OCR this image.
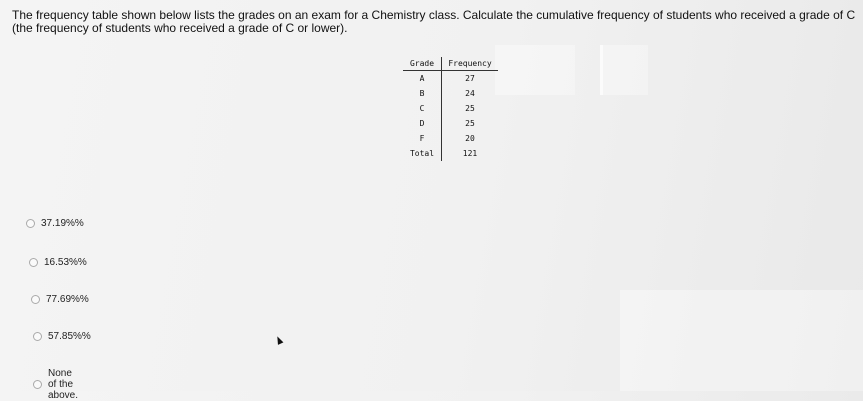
The frequency table shown below lists the grades on an exam for a Chemistry class. Calculate the cumulative frequency of students who received a grade of C (the frequency of students who received a grade of C or lower).
Grade	Frequency
A	27
B	24
C	25
D	25
F	20
Total	121
37.19%%
16.53%%
77.69%%
57.85%%
None of the above.
